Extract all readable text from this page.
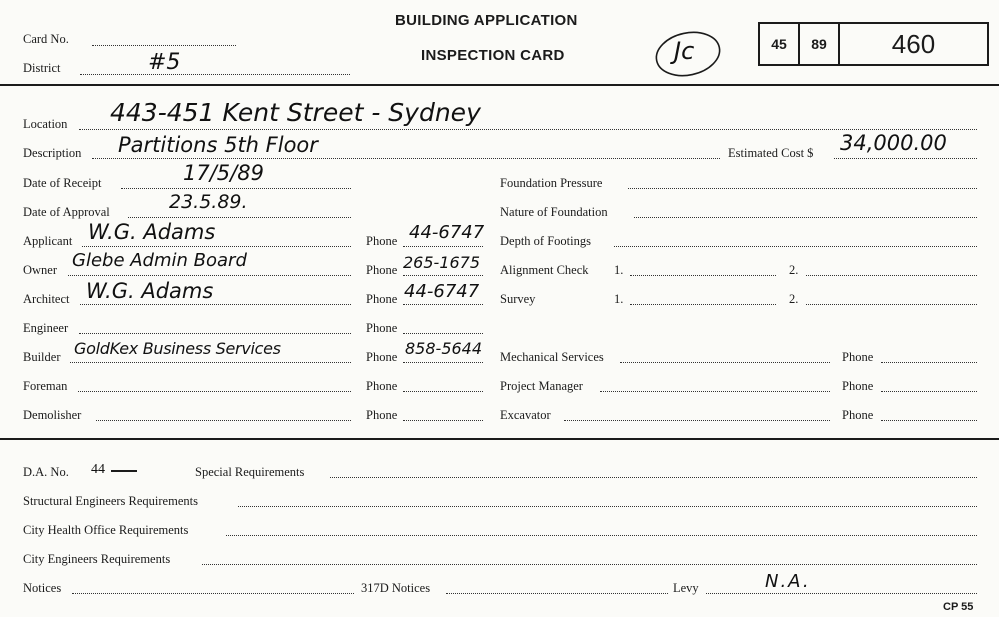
Card No.
District	#5
BUILDING APPLICATION
INSPECTION CARD	Jc	45	89	460
Location 443-451 Kent Street - Sydney
Description Partitions 5th Floor	Estimated Cost $ 34,000.00
Date of Receipt	17/5/89	Foundation Pressure
Date of Approval	23.5.89.	Nature of Foundation
Applicant W.G. Adams	Phone 44-6747 Depth of Footings
Owner Glebe Admin Board	Phone 265-1675 Alignment Check 1.	2.
Architect W.G. Adams	Phone 44-6747 Survey	1.	2.
Engineer	Phone
Builder GoldKex Business Services	Phone 858-5644 Mechanical Services	Phone
Foreman	Phone	Project Manager	Phone
Demolisher	Phone	Excavator	Phone
D.A. No. 44	Special Requirements
Structural Engineers Requirements
City Health Office Requirements
City Engineers Requirements
Notices	317D Notices	Levy	N.A.
CP 55
